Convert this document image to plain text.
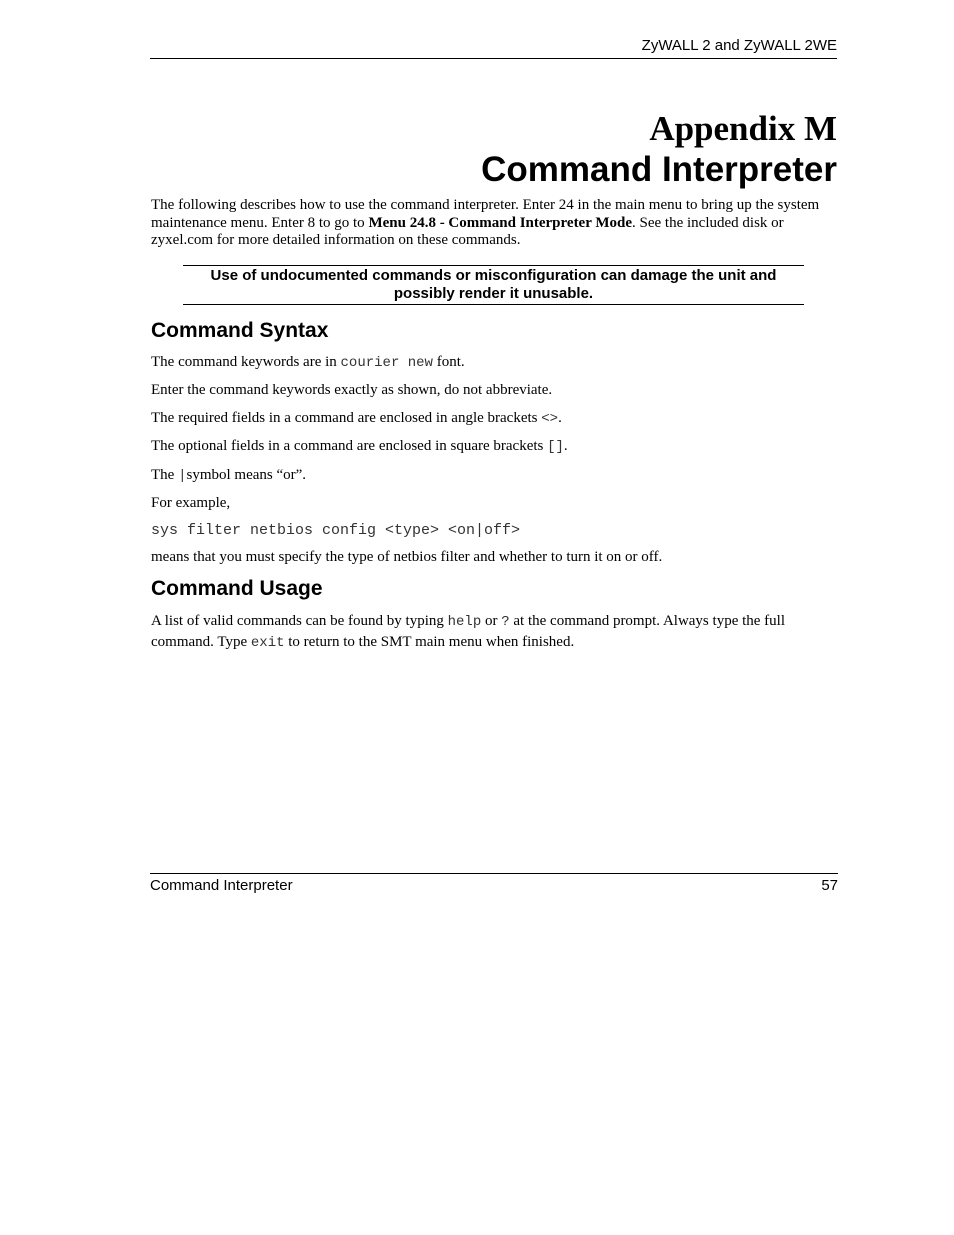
ZyWALL 2 and ZyWALL 2WE
Appendix M
Command Interpreter

The following describes how to use the command interpreter. Enter 24 in the main menu to bring up the system maintenance menu. Enter 8 to go to Menu 24.8 - Command Interpreter Mode. See the included disk or zyxel.com for more detailed information on these commands.

Use of undocumented commands or misconfiguration can damage the unit and
possibly render it unusable.
Command Syntax

The command keywords are in courier new font.

Enter the command keywords exactly as shown, do not abbreviate.

The required fields in a command are enclosed in angle brackets <>.

The optional fields in a command are enclosed in square brackets [].

The |symbol means “or”.

For example,

sys filter netbios config <type> <on|off>

means that you must specify the type of netbios filter and whether to turn it on or off.

Command Usage

A list of valid commands can be found by typing help or ? at the command prompt. Always type the full command. Type exit to return to the SMT main menu when finished.

Command Interpreter	57
